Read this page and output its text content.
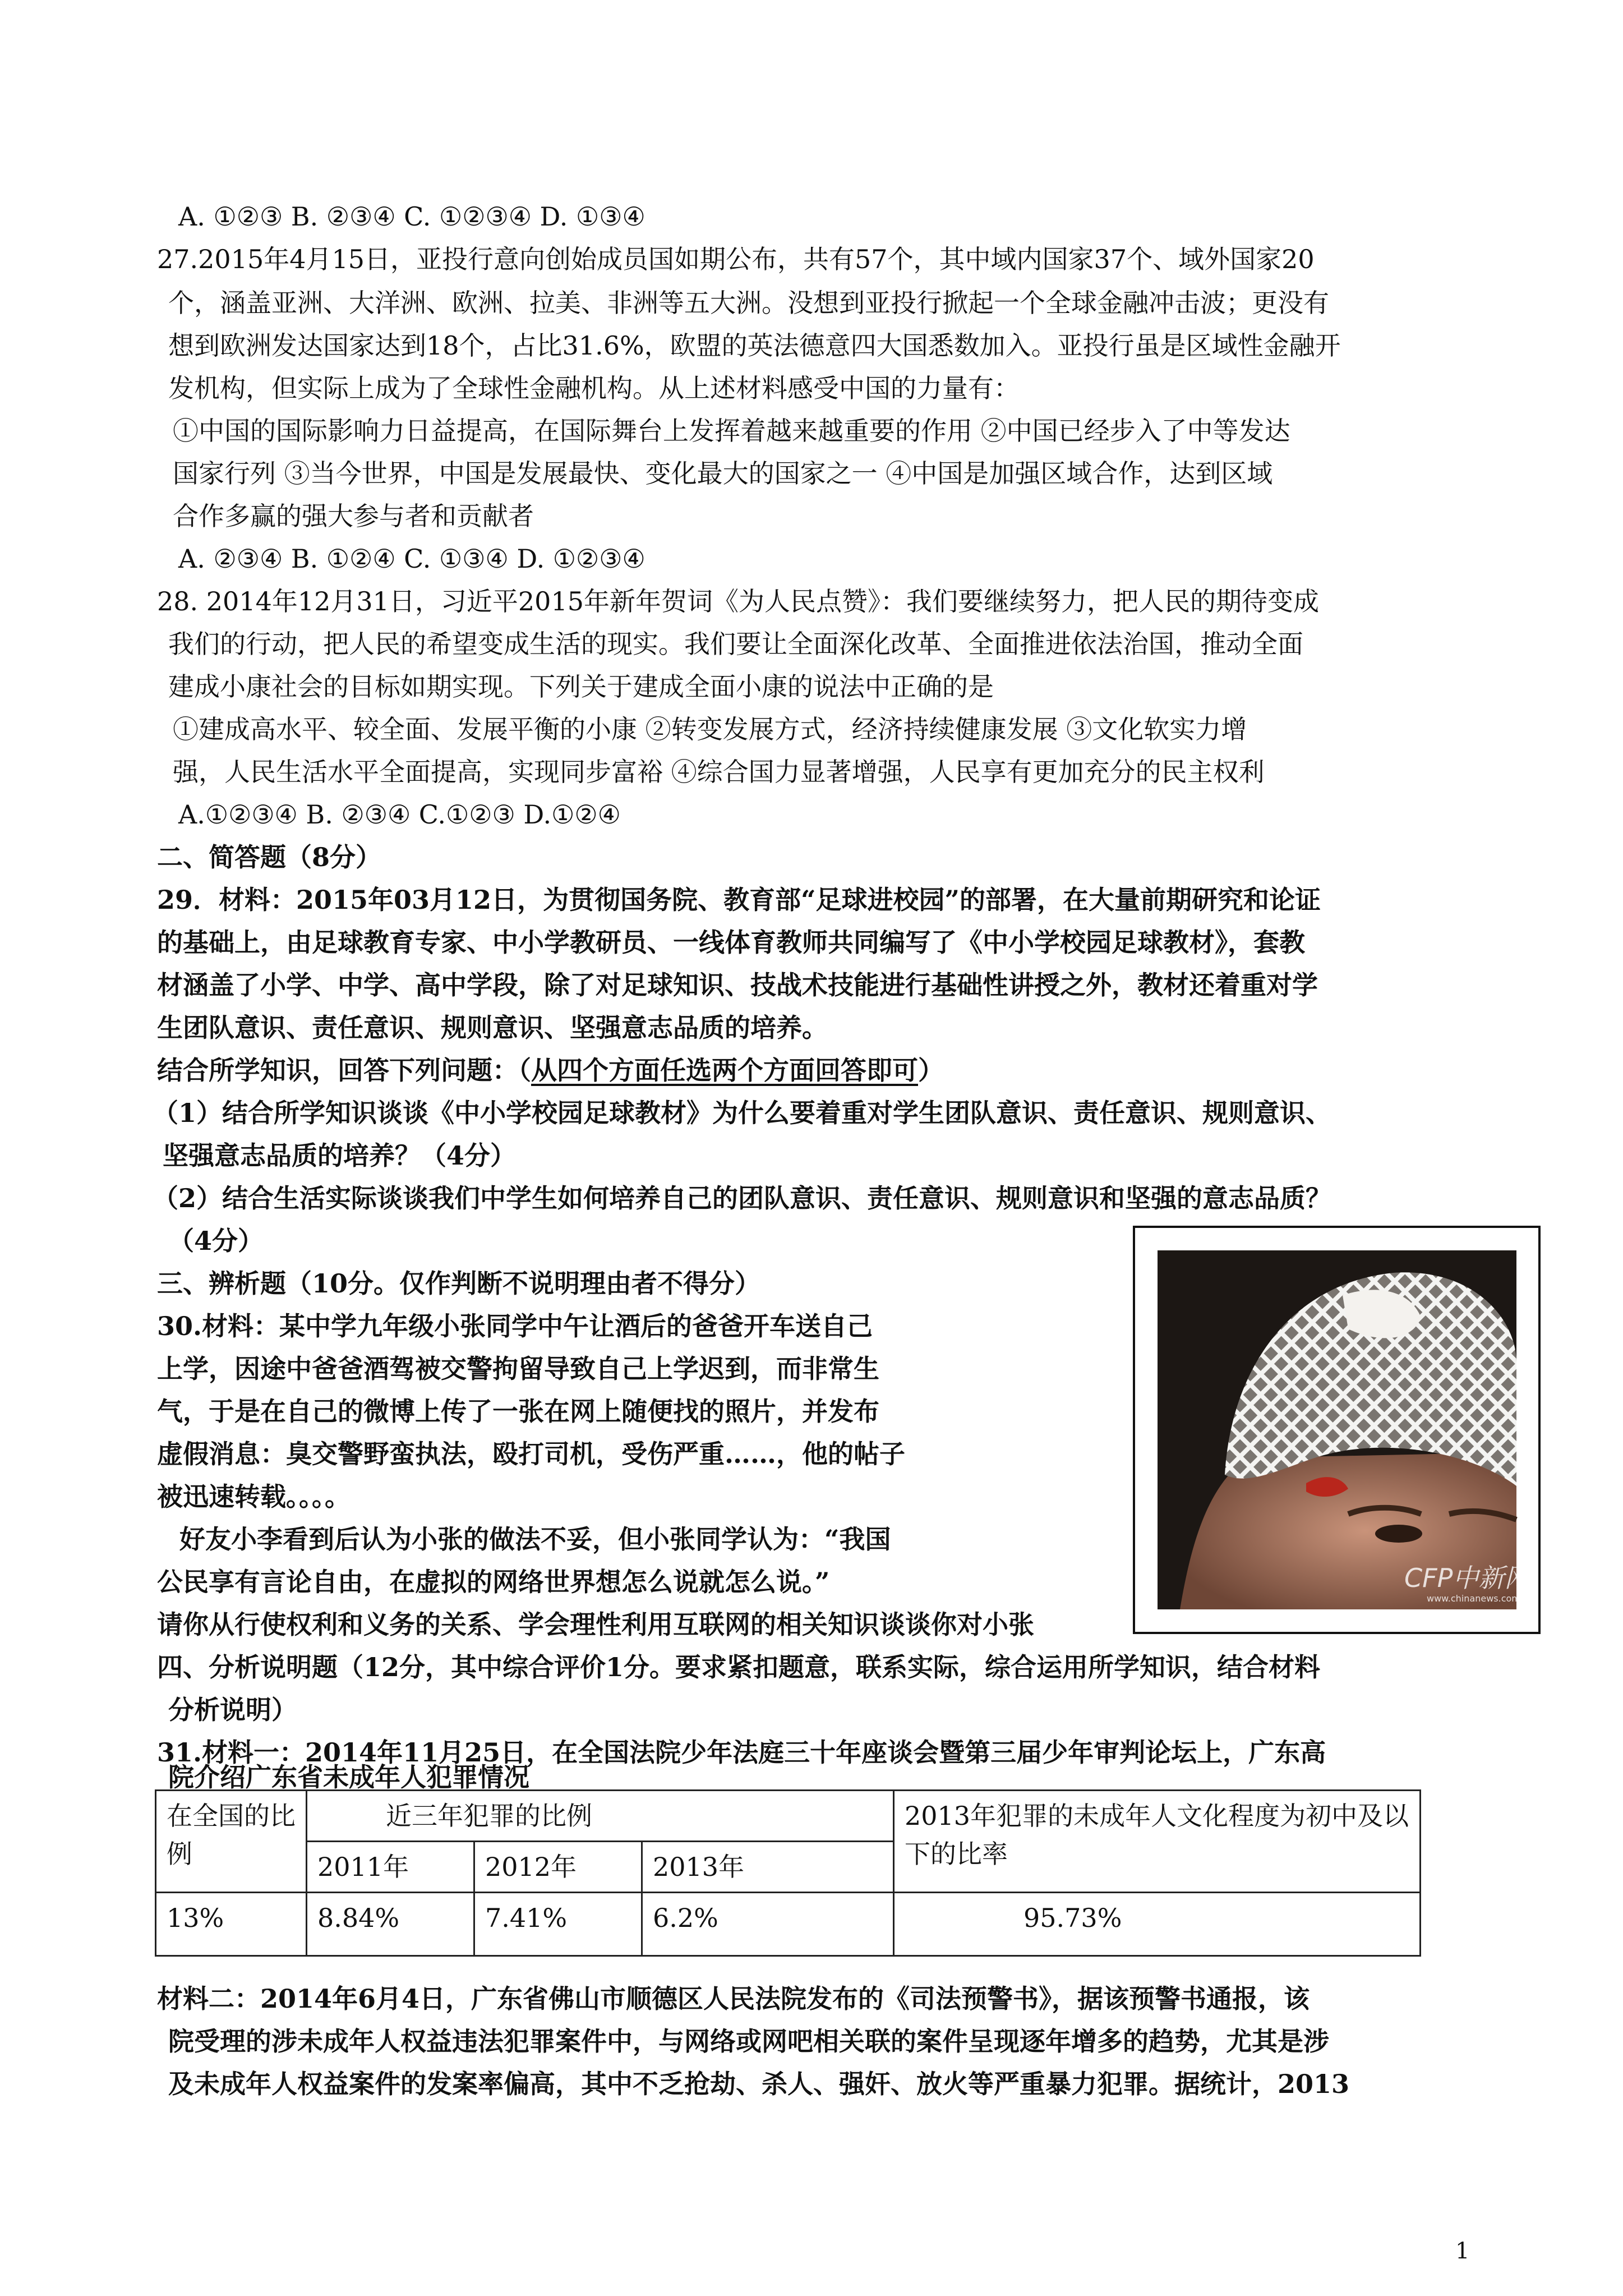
A. ①②③ B. ②③④ C. ①②③④ D. ①③④
27.2015年4月15日，亚投行意向创始成员国如期公布，共有57个，其中域内国家37个、域外国家20
个，涵盖亚洲、大洋洲、欧洲、拉美、非洲等五大洲。没想到亚投行掀起一个全球金融冲击波；更没有
想到欧洲发达国家达到18个，占比31.6%，欧盟的英法德意四大国悉数加入。亚投行虽是区域性金融开
发机构，但实际上成为了全球性金融机构。从上述材料感受中国的力量有：
①中国的国际影响力日益提高，在国际舞台上发挥着越来越重要的作用 ②中国已经步入了中等发达
国家行列 ③当今世界，中国是发展最快、变化最大的国家之一 ④中国是加强区域合作，达到区域
合作多赢的强大参与者和贡献者
A. ②③④ B. ①②④ C. ①③④ D. ①②③④
28. 2014年12月31日，习近平2015年新年贺词《为人民点赞》：我们要继续努力，把人民的期待变成
我们的行动，把人民的希望变成生活的现实。我们要让全面深化改革、全面推进依法治国，推动全面
建成小康社会的目标如期实现。下列关于建成全面小康的说法中正确的是
①建成高水平、较全面、发展平衡的小康 ②转变发展方式，经济持续健康发展 ③文化软实力增
强，人民生活水平全面提高，实现同步富裕 ④综合国力显著增强，人民享有更加充分的民主权利
A.①②③④ B. ②③④ C.①②③ D.①②④
二、简答题（8分）
29．材料：2015年03月12日，为贯彻国务院、教育部“足球进校园”的部署，在大量前期研究和论证
的基础上，由足球教育专家、中小学教研员、一线体育教师共同编写了《中小学校园足球教材》，套教
材涵盖了小学、中学、高中学段，除了对足球知识、技战术技能进行基础性讲授之外，教材还着重对学
生团队意识、责任意识、规则意识、坚强意志品质的培养。
结合所学知识，回答下列问题：（从四个方面任选两个方面回答即可）
（1）结合所学知识谈谈《中小学校园足球教材》为什么要着重对学生团队意识、责任意识、规则意识、
坚强意志品质的培养？（4分）
（2）结合生活实际谈谈我们中学生如何培养自己的团队意识、责任意识、规则意识和坚强的意志品质？
（4分）
三、辨析题（10分。仅作判断不说明理由者不得分）
30.材料：某中学九年级小张同学中午让酒后的爸爸开车送自己
上学，因途中爸爸酒驾被交警拘留导致自己上学迟到，而非常生
气，于是在自己的微博上传了一张在网上随便找的照片，并发布
虚假消息：臭交警野蛮执法，殴打司机，受伤严重……，他的帖子
被迅速转载。。。。
好友小李看到后认为小张的做法不妥，但小张同学认为：“我国
公民享有言论自由，在虚拟的网络世界想怎么说就怎么说。”
请你从行使权利和义务的关系、学会理性利用互联网的相关知识谈谈你对小张
CFP中新网
www.chinanews.com
四、分析说明题（12分，其中综合评价1分。要求紧扣题意，联系实际，综合运用所学知识，结合材料
分析说明）
31.材料一：2014年11月25日，在全国法院少年法庭三十年座谈会暨第三届少年审判论坛上，广东高
院介绍广东省未成年人犯罪情况
在全国的比例	近三年犯罪的比例			2013年犯罪的未成年人文化程度为初中及以下的比率
	2011年	2012年	2013年	
13%	8.84%	7.41%	6.2%	95.73%
材料二：2014年6月4日，广东省佛山市顺德区人民法院发布的《司法预警书》，据该预警书通报，该
院受理的涉未成年人权益违法犯罪案件中，与网络或网吧相关联的案件呈现逐年增多的趋势，尤其是涉
及未成年人权益案件的发案率偏高，其中不乏抢劫、杀人、强奸、放火等严重暴力犯罪。据统计，2013
1
